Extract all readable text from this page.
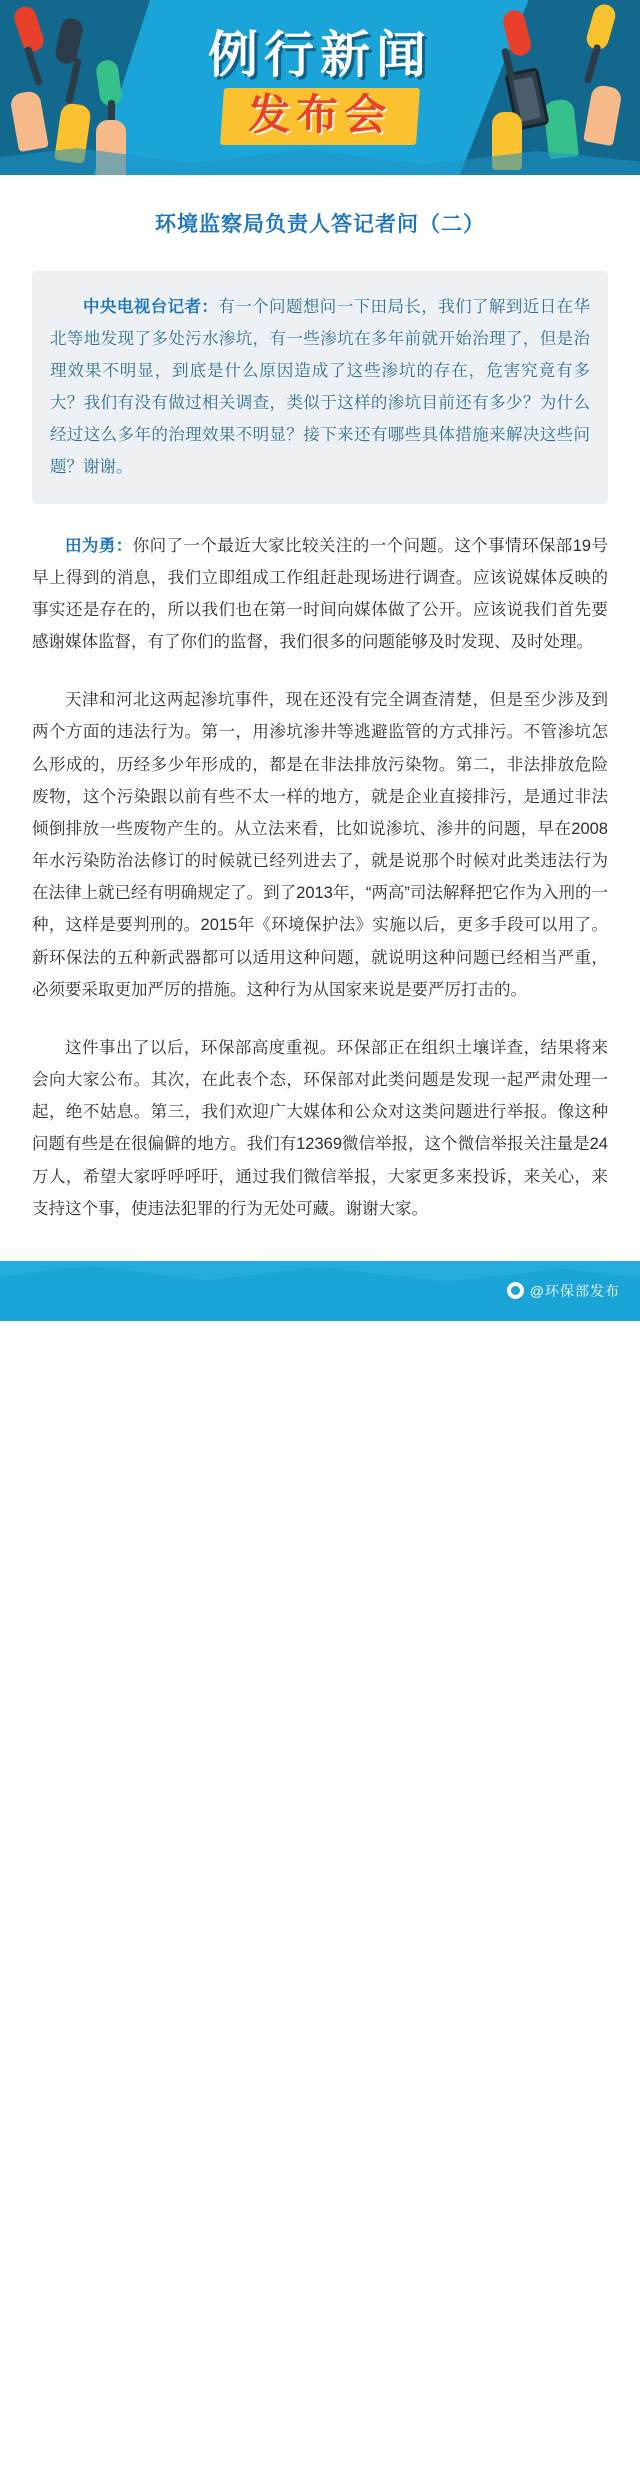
例行新闻
发布会
环境监察局负责人答记者问（二）

中央电视台记者：有一个问题想问一下田局长，我们了解到近日在华北等地发现了多处污水渗坑，有一些渗坑在多年前就开始治理了，但是治理效果不明显，到底是什么原因造成了这些渗坑的存在，危害究竟有多大？我们有没有做过相关调查，类似于这样的渗坑目前还有多少？为什么经过这么多年的治理效果不明显？接下来还有哪些具体措施来解决这些问题？谢谢。

田为勇：你问了一个最近大家比较关注的一个问题。这个事情环保部19号早上得到的消息，我们立即组成工作组赶赴现场进行调查。应该说媒体反映的事实还是存在的，所以我们也在第一时间向媒体做了公开。应该说我们首先要感谢媒体监督，有了你们的监督，我们很多的问题能够及时发现、及时处理。

天津和河北这两起渗坑事件，现在还没有完全调查清楚，但是至少涉及到两个方面的违法行为。第一，用渗坑渗井等逃避监管的方式排污。不管渗坑怎么形成的，历经多少年形成的，都是在非法排放污染物。第二，非法排放危险废物，这个污染跟以前有些不太一样的地方，就是企业直接排污，是通过非法倾倒排放一些废物产生的。从立法来看，比如说渗坑、渗井的问题，早在2008年水污染防治法修订的时候就已经列进去了，就是说那个时候对此类违法行为在法律上就已经有明确规定了。到了2013年，“两高”司法解释把它作为入刑的一种，这样是要判刑的。2015年《环境保护法》实施以后，更多手段可以用了。新环保法的五种新武器都可以适用这种问题，就说明这种问题已经相当严重，必须要采取更加严厉的措施。这种行为从国家来说是要严厉打击的。

这件事出了以后，环保部高度重视。环保部正在组织土壤详查，结果将来会向大家公布。其次，在此表个态，环保部对此类问题是发现一起严肃处理一起，绝不姑息。第三，我们欢迎广大媒体和公众对这类问题进行举报。像这种问题有些是在很偏僻的地方。我们有12369微信举报，这个微信举报关注量是24万人，希望大家呼呼呼吁，通过我们微信举报，大家更多来投诉，来关心，来支持这个事，使违法犯罪的行为无处可藏。谢谢大家。

@环保部发布
